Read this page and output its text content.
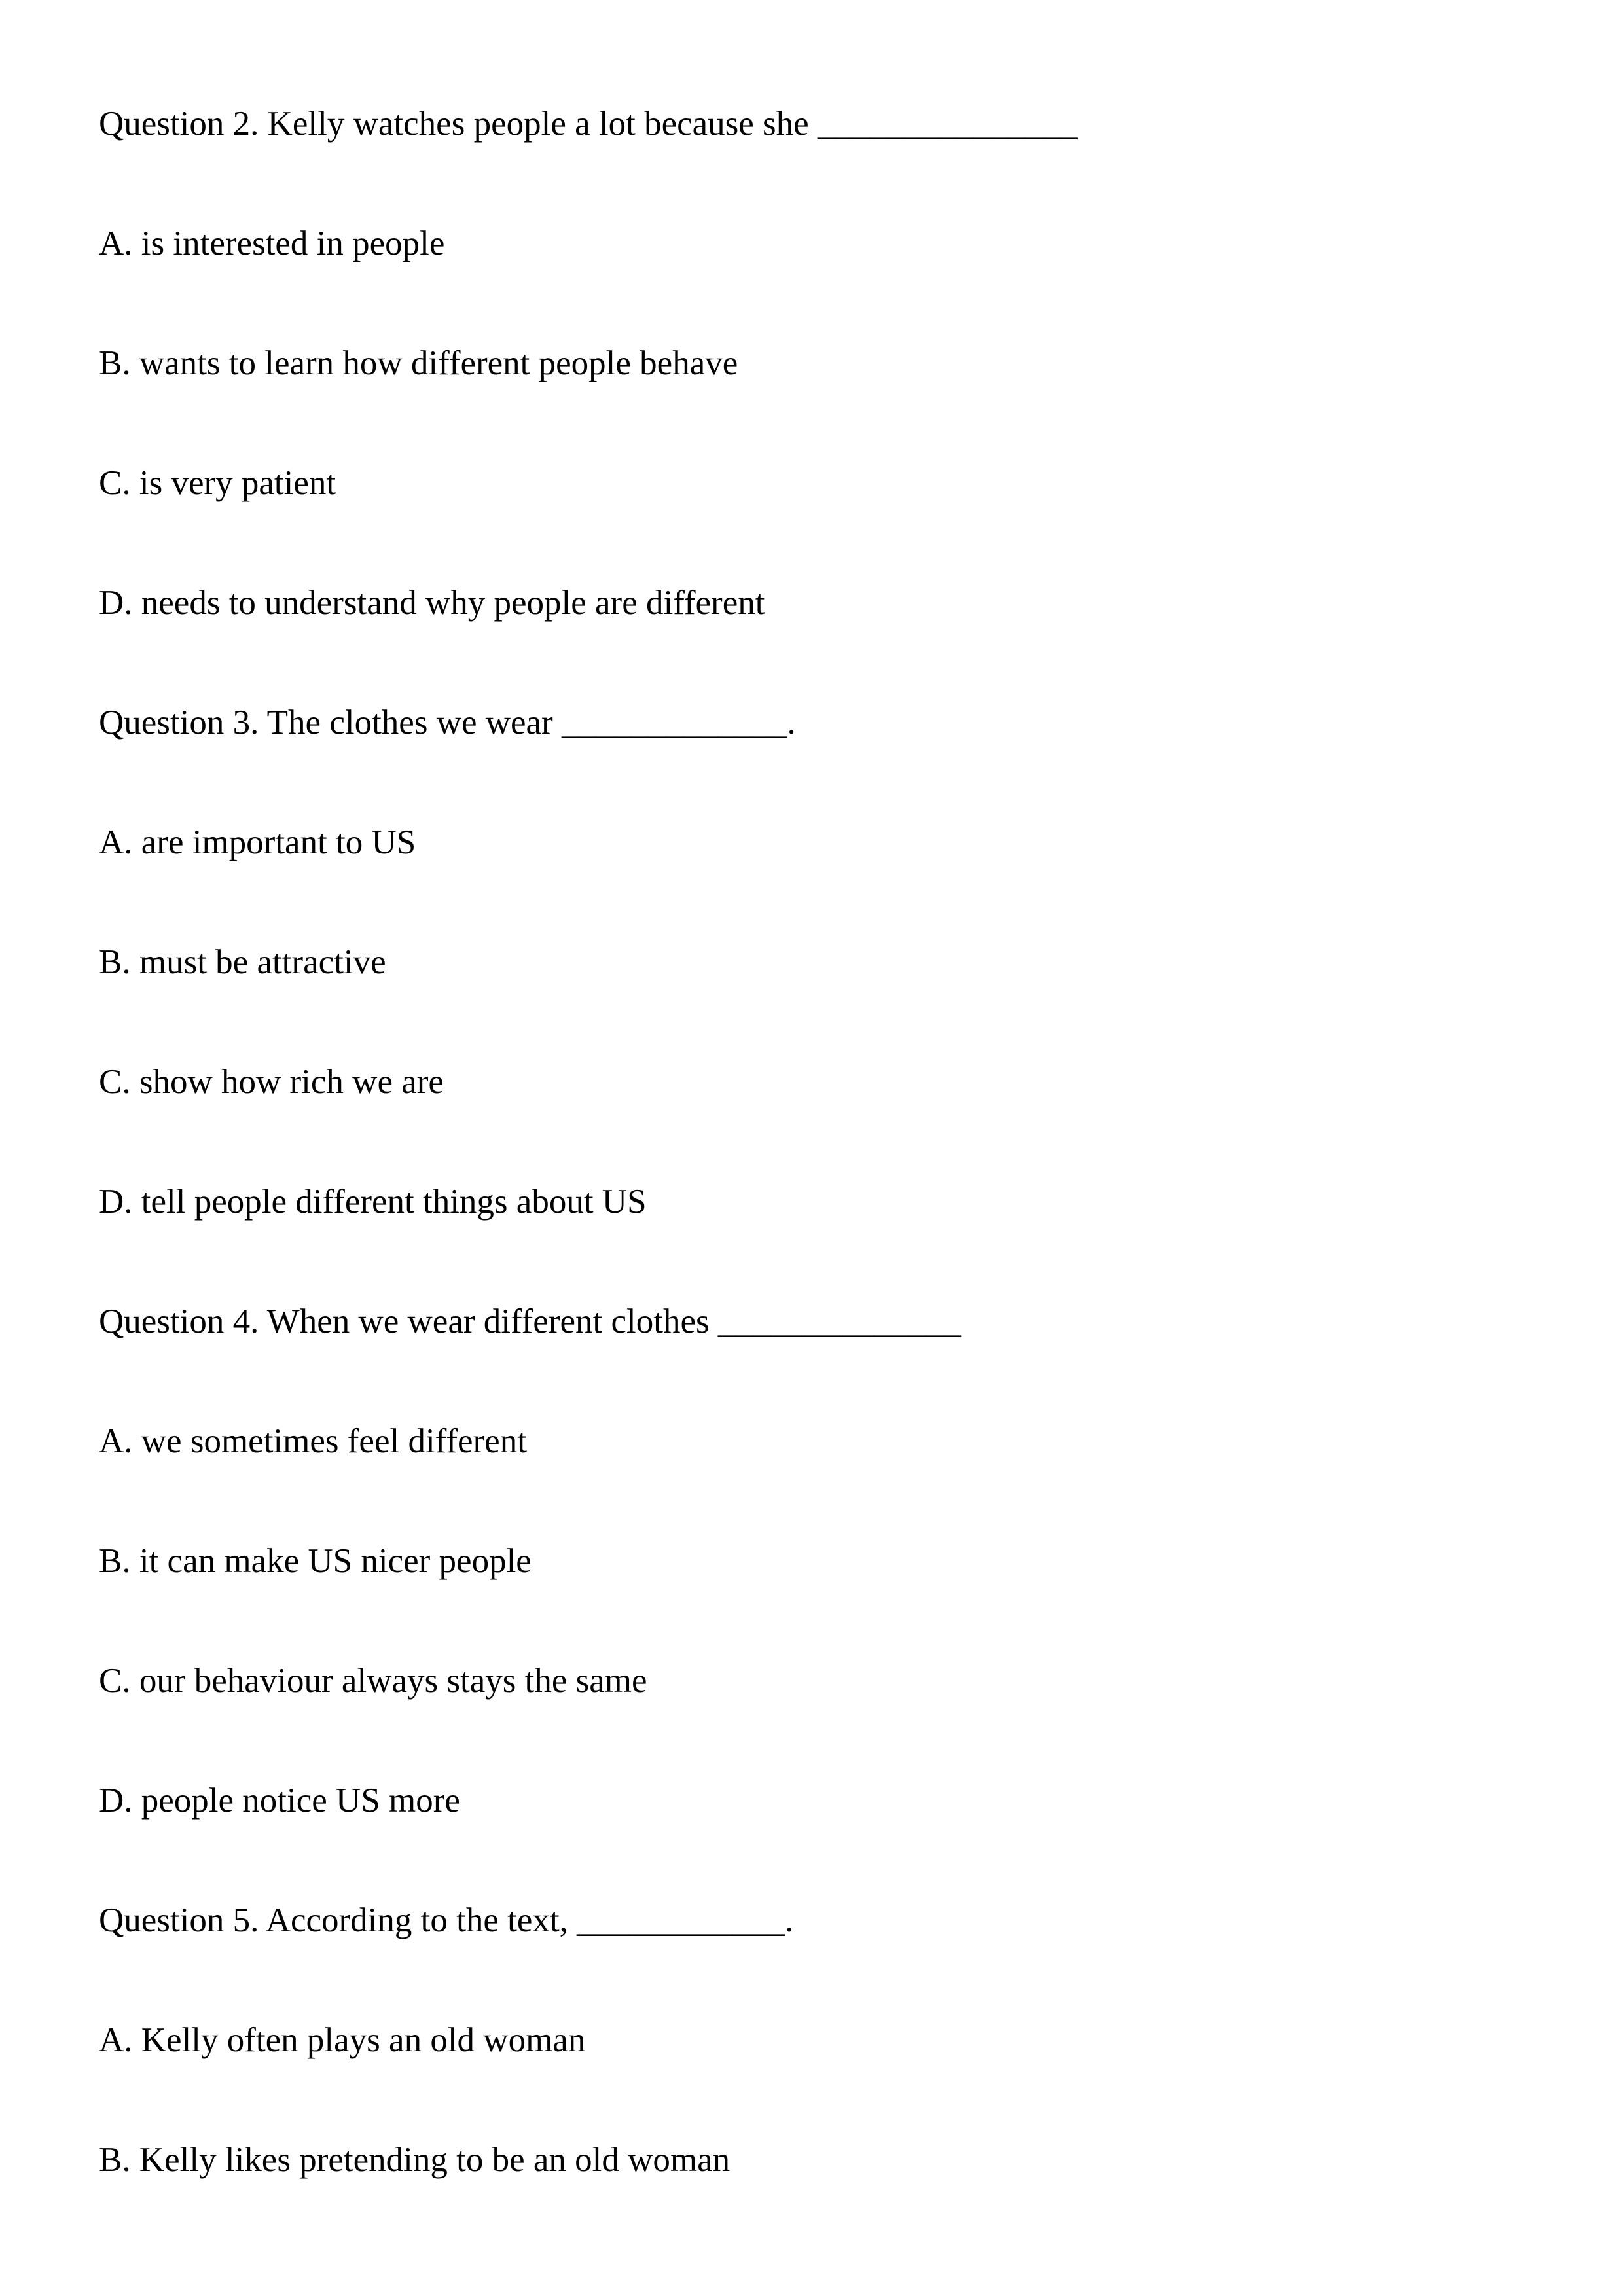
Question 2. Kelly watches people a lot because she _______________
A. is interested in people
B. wants to learn how different people behave
C. is very patient
D. needs to understand why people are different
Question 3. The clothes we wear _____________.
A. are important to US
B. must be attractive
C. show how rich we are
D. tell people different things about US
Question 4. When we wear different clothes ______________
A. we sometimes feel different
B. it can make US nicer people
C. our behaviour always stays the same
D. people notice US more
Question 5. According to the text, ____________.
A. Kelly often plays an old woman
B. Kelly likes pretending to be an old woman
